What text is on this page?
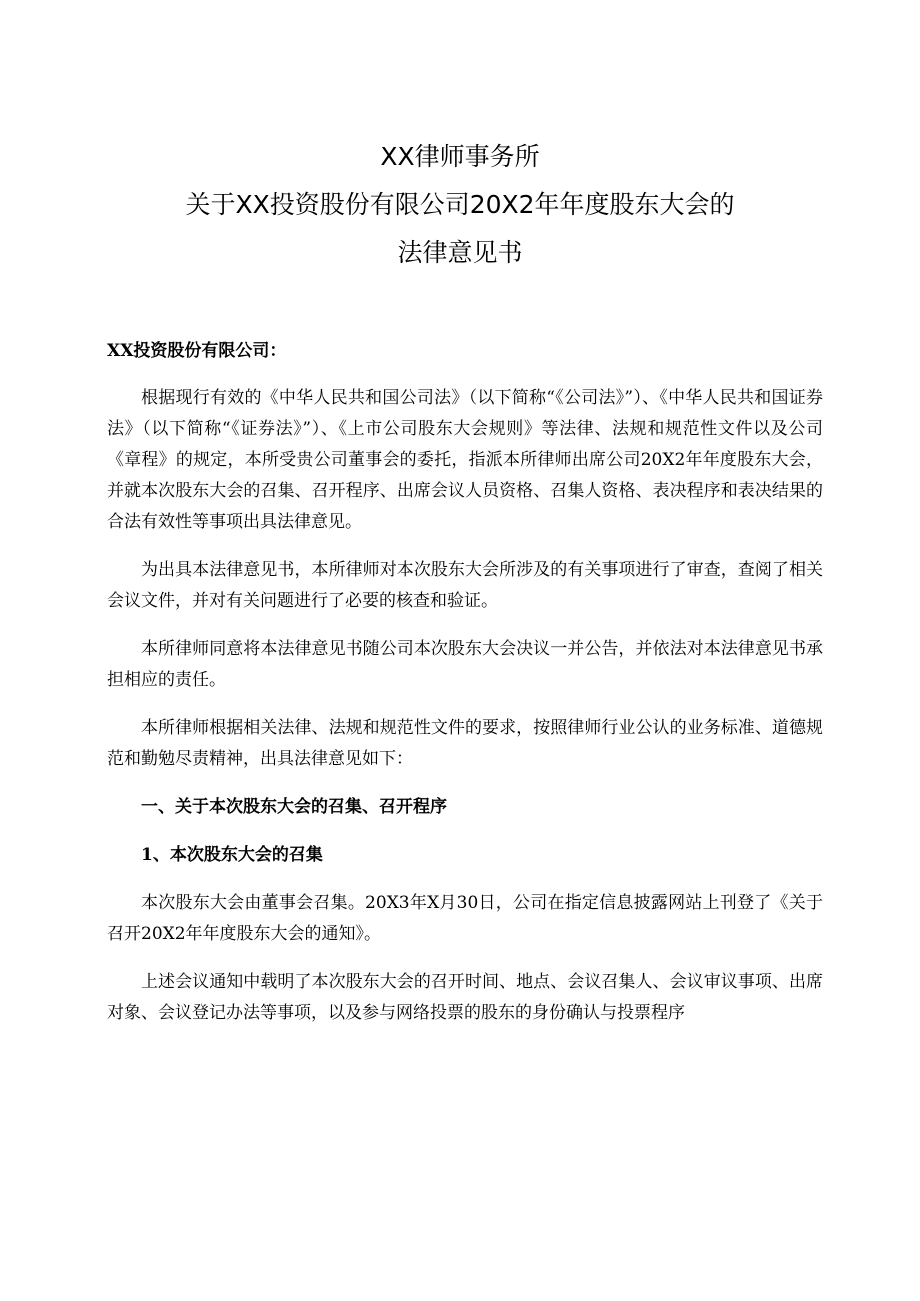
XX律师事务所
关于XX投资股份有限公司20X2年年度股东大会的
法律意见书

XX投资股份有限公司：

根据现行有效的《中华人民共和国公司法》（以下简称“《公司法》”）、《中华人民共和国证券法》（以下简称“《证券法》”）、《上市公司股东大会规则》等法律、法规和规范性文件以及公司《章程》的规定，本所受贵公司董事会的委托，指派本所律师出席公司20X2年年度股东大会，并就本次股东大会的召集、召开程序、出席会议人员资格、召集人资格、表决程序和表决结果的合法有效性等事项出具法律意见。

为出具本法律意见书，本所律师对本次股东大会所涉及的有关事项进行了审查，查阅了相关会议文件，并对有关问题进行了必要的核查和验证。

本所律师同意将本法律意见书随公司本次股东大会决议一并公告，并依法对本法律意见书承担相应的责任。

本所律师根据相关法律、法规和规范性文件的要求，按照律师行业公认的业务标准、道德规范和勤勉尽责精神，出具法律意见如下：

一、关于本次股东大会的召集、召开程序

1、本次股东大会的召集

本次股东大会由董事会召集。20X3年X月30日，公司在指定信息披露网站上刊登了《关于召开20X2年年度股东大会的通知》。

上述会议通知中载明了本次股东大会的召开时间、地点、会议召集人、会议审议事项、出席对象、会议登记办法等事项，以及参与网络投票的股东的身份确认与投票程序
